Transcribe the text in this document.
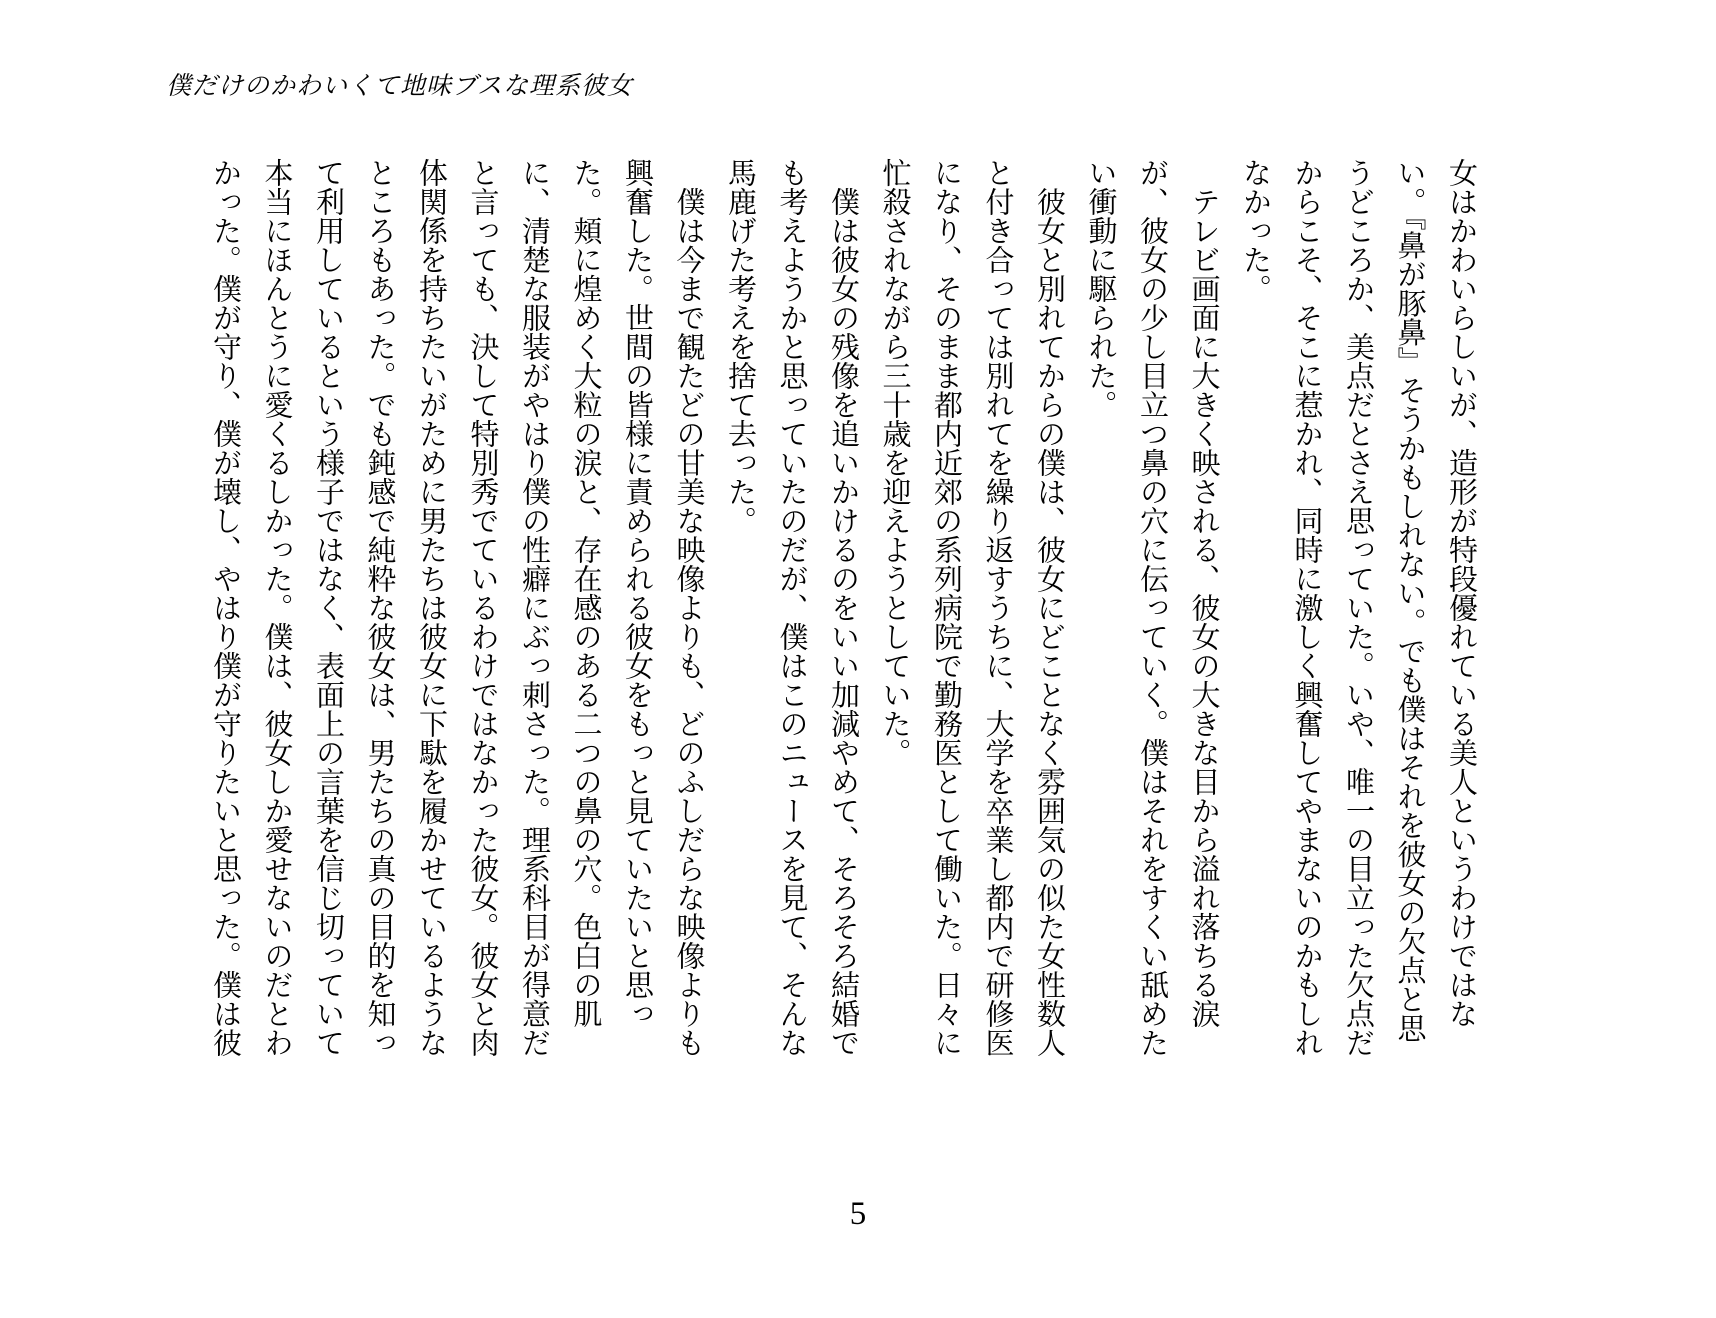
僕だけのかわいくて地味ブスな理系彼女

女はかわいらしいが、造形が特段優れている美人というわけではない。『鼻が豚鼻』そうかもしれない。でも僕はそれを彼女の欠点と思うどころか、美点だとさえ思っていた。いや、唯一の目立った欠点だからこそ、そこに惹かれ、同時に激しく興奮してやまないのかもしれなかった。

テレビ画面に大きく映される、彼女の大きな目から溢れ落ちる涙が、彼女の少し目立つ鼻の穴に伝っていく。僕はそれをすくい舐めたい衝動に駆られた。

彼女と別れてからの僕は、彼女にどことなく雰囲気の似た女性数人と付き合っては別れてを繰り返すうちに、大学を卒業し都内で研修医になり、そのまま都内近郊の系列病院で勤務医として働いた。日々に忙殺されながら三十歳を迎えようとしていた。

僕は彼女の残像を追いかけるのをいい加減やめて、そろそろ結婚でも考えようかと思っていたのだが、僕はこのニュースを見て、そんな馬鹿げた考えを捨て去った。

僕は今まで観たどの甘美な映像よりも、どのふしだらな映像よりも興奮した。世間の皆様に責められる彼女をもっと見ていたいと思った。頬に煌めく大粒の涙と、存在感のある二つの鼻の穴。色白の肌に、清楚な服装がやはり僕の性癖にぶっ刺さった。理系科目が得意だと言っても、決して特別秀でているわけではなかった彼女。彼女と肉体関係を持ちたいがために男たちは彼女に下駄を履かせているようなところもあった。でも鈍感で純粋な彼女は、男たちの真の目的を知って利用しているという様子ではなく、表面上の言葉を信じ切っていて本当にほんとうに愛くるしかった。僕は、彼女しか愛せないのだとわかった。僕が守り、僕が壊し、やはり僕が守りたいと思った。僕は彼

5
